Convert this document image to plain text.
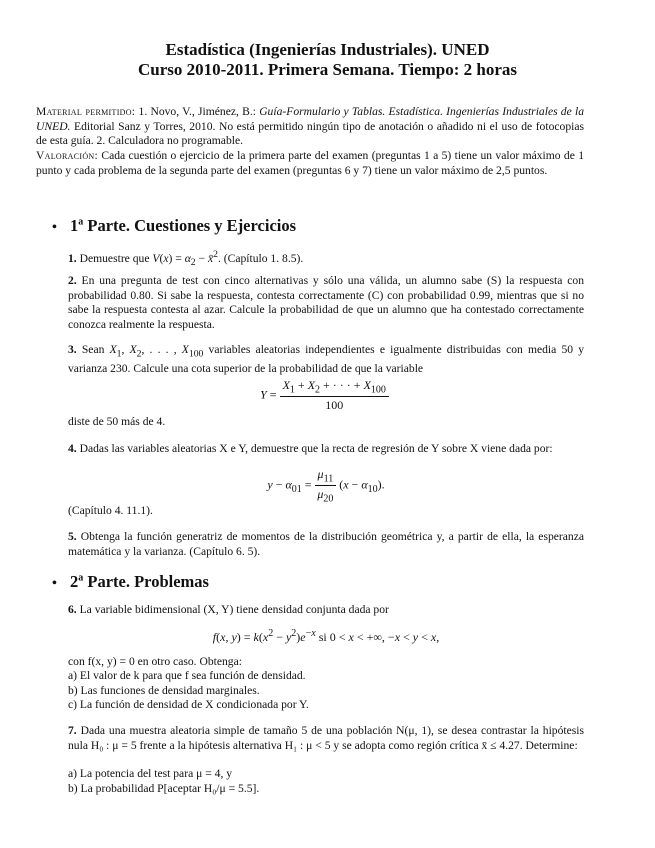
Estadística (Ingenierías Industriales). UNED
Curso 2010-2011. Primera Semana. Tiempo: 2 horas
Material permitido: 1. Novo, V., Jiménez, B.: Guía-Formulario y Tablas. Estadística. Ingenierías Industriales de la UNED. Editorial Sanz y Torres, 2010. No está permitido ningún tipo de anotación o añadido ni el uso de fotocopias de esta guía. 2. Calculadora no programable.
Valoración: Cada cuestión o ejercicio de la primera parte del examen (preguntas 1 a 5) tiene un valor máximo de 1 punto y cada problema de la segunda parte del examen (preguntas 6 y 7) tiene un valor máximo de 2,5 puntos.
• 1$^a$ Parte. Cuestiones y Ejercicios
1. Demuestre que $V(x) = \alpha_2$ − x̄$^2$. (Capítulo 1. 8.5).
2. En una pregunta de test con cinco alternativas y sólo una válida, un alumno sabe (S) la respuesta con probabilidad 0.80. Si sabe la respuesta, contesta correctamente (C) con probabilidad 0.99, mientras que si no sabe la respuesta contesta al azar. Calcule la probabilidad de que un alumno que ha contestado correctamente conozca realmente la respuesta.
3. Sean $X_1$, $X_2$, . . . , $X_{100}$ variables aleatorias independientes e igualmente distribuidas con media 50 y varianza 230. Calcule una cota superior de la probabilidad de que la variable
$Y = \frac{X_1 + X_2 + \cdot \cdot \cdot + X_{100}}{100}$
diste de 50 más de 4.
4. Dadas las variables aleatorias X e Y, demuestre que la recta de regresión de Y sobre X viene dada por:
$y - \alpha_{01} = \frac{\mu_{11}}{\mu_{20}} (x - \alpha_{10})$.
(Capítulo 4. 11.1).
5. Obtenga la función generatriz de momentos de la distribución geométrica y, a partir de ella, la esperanza matemática y la varianza. (Capítulo 6. 5).
• 2$^a$ Parte. Problemas
6. La variable bidimensional (X, Y) tiene densidad conjunta dada por
f(x, $y) = k(x^2 - y^2)e^{-x}$ si 0 < x < +∞, −x < y < x,
con f(x, y) = 0 en otro caso. Obtenga:
a) El valor de k para que f sea función de densidad.
b) Las funciones de densidad marginales.
c) La función de densidad de X condicionada por Y.
7. Dada una muestra aleatoria simple de tamaño 5 de una población N(μ, 1), se desea contrastar la hipótesis nula H₀ : μ = 5 frente a la hipótesis alternativa H₁ : μ < 5 y se adopta como región crítica x̄ ≤ 4.27. Determine:
a) La potencia del test para μ = 4, y
b) La probabilidad P[aceptar H₀/μ = 5.5].
